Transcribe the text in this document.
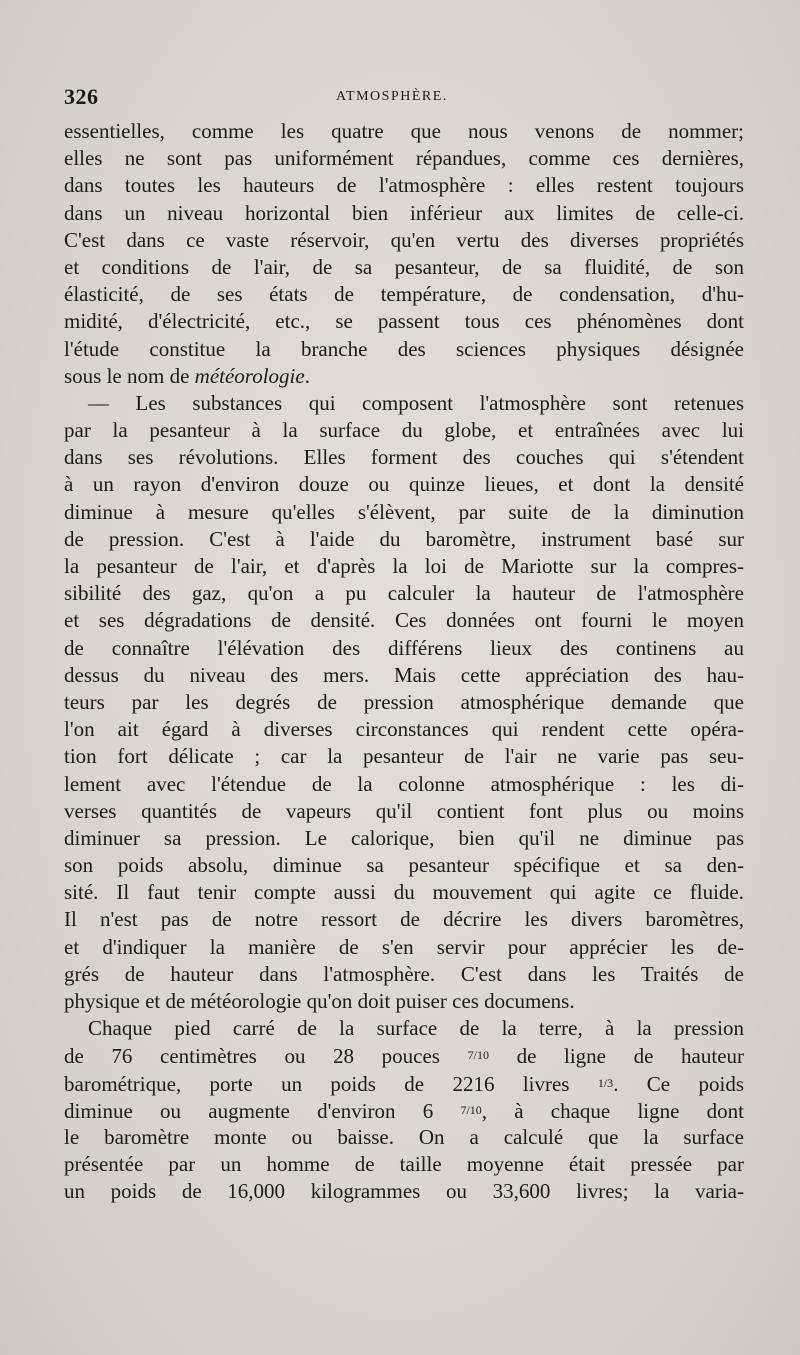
326	ATMOSPHÈRE.
essentielles, comme les quatre que nous venons de nommer;
elles ne sont pas uniformément répandues, comme ces dernières,
dans toutes les hauteurs de l'atmosphère : elles restent toujours
dans un niveau horizontal bien inférieur aux limites de celle-ci.
C'est dans ce vaste réservoir, qu'en vertu des diverses propriétés
et conditions de l'air, de sa pesanteur, de sa fluidité, de son
élasticité, de ses états de température, de condensation, d'hu-
midité, d'électricité, etc., se passent tous ces phénomènes dont
l'étude constitue la branche des sciences physiques désignée
sous le nom de météorologie.
— Les substances qui composent l'atmosphère sont retenues
par la pesanteur à la surface du globe, et entraînées avec lui
dans ses révolutions. Elles forment des couches qui s'étendent
à un rayon d'environ douze ou quinze lieues, et dont la densité
diminue à mesure qu'elles s'élèvent, par suite de la diminution
de pression. C'est à l'aide du baromètre, instrument basé sur
la pesanteur de l'air, et d'après la loi de Mariotte sur la compres-
sibilité des gaz, qu'on a pu calculer la hauteur de l'atmosphère
et ses dégradations de densité. Ces données ont fourni le moyen
de connaître l'élévation des différens lieux des continens au
dessus du niveau des mers. Mais cette appréciation des hau-
teurs par les degrés de pression atmosphérique demande que
l'on ait égard à diverses circonstances qui rendent cette opéra-
tion fort délicate ; car la pesanteur de l'air ne varie pas seu-
lement avec l'étendue de la colonne atmosphérique : les di-
verses quantités de vapeurs qu'il contient font plus ou moins
diminuer sa pression. Le calorique, bien qu'il ne diminue pas
son poids absolu, diminue sa pesanteur spécifique et sa den-
sité. Il faut tenir compte aussi du mouvement qui agite ce fluide.
Il n'est pas de notre ressort de décrire les divers baromètres,
et d'indiquer la manière de s'en servir pour apprécier les de-
grés de hauteur dans l'atmosphère. C'est dans les Traités de
physique et de météorologie qu'on doit puiser ces documens.
Chaque pied carré de la surface de la terre, à la pression
de 76 centimètres ou 28 pouces 7/10 de ligne de hauteur
barométrique, porte un poids de 2216 livres 1/3. Ce poids
diminue ou augmente d'environ 6 7/10, à chaque ligne dont
le baromètre monte ou baisse. On a calculé que la surface
présentée par un homme de taille moyenne était pressée par
un poids de 16,000 kilogrammes ou 33,600 livres; la varia-
